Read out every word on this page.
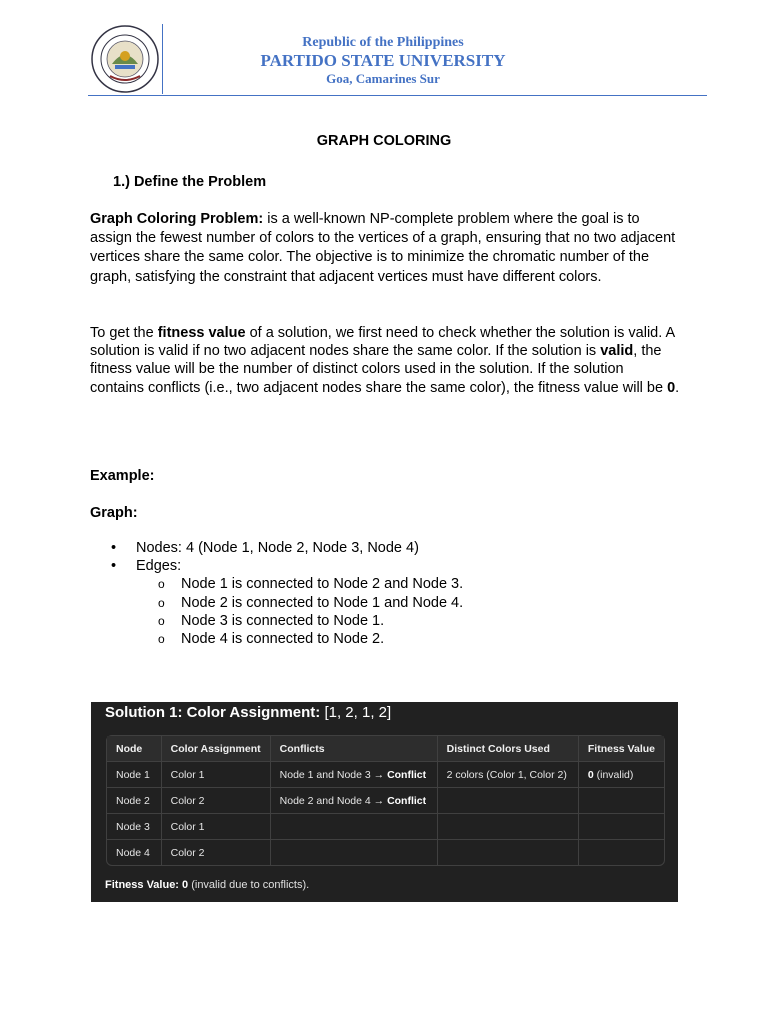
Republic of the Philippines
PARTIDO STATE UNIVERSITY
Goa, Camarines Sur
GRAPH COLORING
1.) Define the Problem

Graph Coloring Problem: is a well-known NP-complete problem where the goal is to assign the fewest number of colors to the vertices of a graph, ensuring that no two adjacent vertices share the same color. The objective is to minimize the chromatic number of the graph, satisfying the constraint that adjacent vertices must have different colors.

To get the fitness value of a solution, we first need to check whether the solution is valid. A solution is valid if no two adjacent nodes share the same color. If the solution is valid, the fitness value will be the number of distinct colors used in the solution. If the solution contains conflicts (i.e., two adjacent nodes share the same color), the fitness value will be 0.

Example:
Graph:
• Nodes: 4 (Node 1, Node 2, Node 3, Node 4)
• Edges:
o Node 1 is connected to Node 2 and Node 3.
o Node 2 is connected to Node 1 and Node 4.
o Node 3 is connected to Node 1.
o Node 4 is connected to Node 2.
Solution 1: Color Assignment: [1, 2, 1, 2]
Node	Color Assignment	Conflicts	Distinct Colors Used	Fitness Value
Node 1	Color 1	Node 1 and Node 3 → Conflict	2 colors (Color 1, Color 2)	0 (invalid)
Node 2	Color 2	Node 2 and Node 4 → Conflict		
Node 3	Color 1			
Node 4	Color 2			
Fitness Value: 0 (invalid due to conflicts).
